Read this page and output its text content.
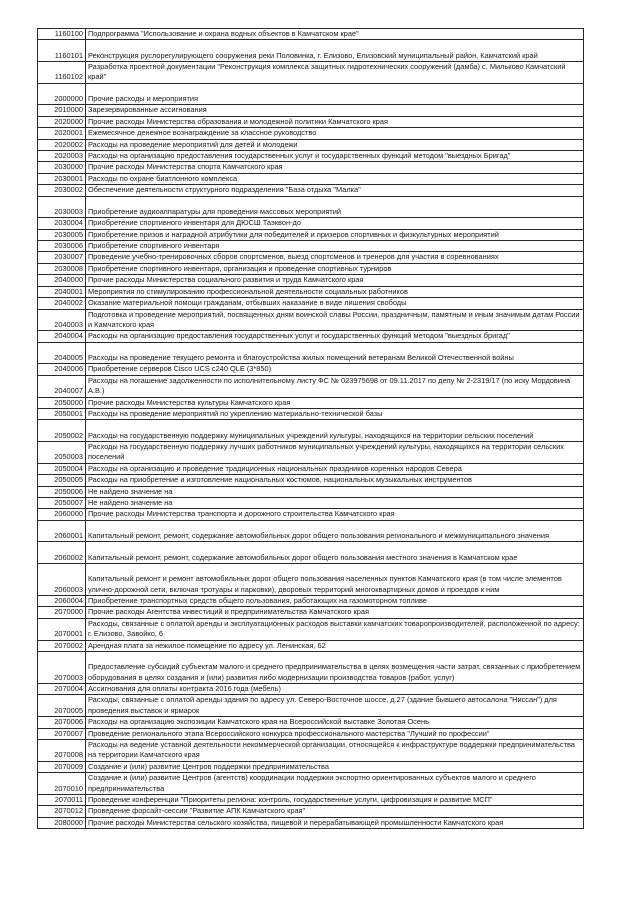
1160100	Подпрограмма "Использование и охрана водных объектов в Камчатском крае"
1160101	Реконструкция руслорегулирующего сооружения реки Половинка, г. Елизово, Елизовский муниципальный район, Камчатский край
1160102	Разработка проектной документации "Реконструкция комплекса защитных гидротехнических сооружений (дамба) с. Мильково Камчатский край"
2000000	Прочие расходы и мероприятия
2010000	Зарезервированные ассигнования
2020000	Прочие расходы Министерства образования и молодежной политики Камчатского края
2020001	Ежемесячное денежное вознаграждение за классное руководство
2020002	Расходы на проведение мероприятий для детей и молодежи
2020003	Расходы на организацию предоставления государственных услуг и государственных функций методом "выездных Бригад"
2030000	Прочие расходы Министерства спорта Камчатского края
2030001	Расходы по охране биатлонного комплекса
2030002	Обеспечение деятельности структурного подразделения "База отдыха "Малка"
2030003	Приобретение аудиоаппаратуры для проведения массовых мероприятий
2030004	Приобретение спортивного инвентаря для ДЮСШ Таэквон-до
2030005	Приобретение призов и наградной атрибутики для победителей и призеров спортивных и физкультурных мероприятий
2030006	Приобретение спортивного инвентаря
2030007	Проведение учебно-тренировочных сборов спортсменов, выезд спортсменов и тренеров для участия в соревнованиях
2030008	Приобретение спортивного инвентаря, организация и проведение спортивных турниров
2040000	Прочие расходы Министерства социального развития и труда Камчатского края
2040001	Мероприятия по стимулированию профессиональной деятельности социальных работников
2040002	Оказание материальной помощи гражданам, отбывших наказание в виде лишения свободы
2040003	Подготовка и проведение мероприятий, посвященных дням воинской славы России, праздничным, памятным и иным значимым датам России и Камчатского края
2040004	Расходы на организацию предоставления государственных услуг и государственных функций методом "выездных бригад"
2040005	Расходы на проведение текущего ремонта и благоустройства жилых помещений ветеранам Великой Отечественной войны
2040006	Приобретение серверов Cisco UCS c240 QLE (3*850)
2040007	Расходы на погашение задолженности по исполнительному листу ФС № 023975698 от 09.11.2017 по делу № 2-2319/17 (по иску Мордовина А.В.)
2050000	Прочие расходы Министерства культуры Камчатского края
2050001	Расходы на проведение мероприятий по укреплению материально-технической базы
2050002	Расходы на государственную поддержку муниципальных учреждений культуры, находящихся на территории сельских поселений
2050003	Расходы на государственную поддержку лучших работников муниципальных учреждений культуры, находящихся на территории сельских поселений
2050004	Расходы на организацию и проведение традиционных национальных праздников коренных народов Севера
2050005	Расходы на приобретение и изготовление национальных костюмов, национальных музыкальных инструментов
2050006	Не найдено значение на
2050007	Не найдено значение на
2060000	Прочие расходы Министерства транспорта и дорожного строительства Камчатского края
2060001	Капитальный ремонт, ремонт, содержание автомобильных дорог общего пользования регионального и межмуниципального значения
2060002	Капитальный ремонт, ремонт, содержание автомобильных дорог общего пользования местного значения в Камчатском крае
2060003	Капитальный ремонт и ремонт автомобильных дорог общего пользования населенных пунктов Камчатского края (в том числе элементов улично-дорожной сети, включая тротуары и парковки), дворовых территорий многоквартирных домов и проездов к ним
2060004	Приобретение транспортных средств общего пользования, работающих на газомоторном топливе
2070000	Прочие расходы Агентства инвестиций и предпринимательства Камчатского края
2070001	Расходы, связанные с оплатой аренды и эксплуатационных расходов выставки камчатских товаропроизводителей, расположенной по адресу: г. Елизово, Завойко, 6
2070002	Арендная плата за нежилое помещение по адресу ул. Ленинская, 62
2070003	Предоставление субсидий субъектам малого и среднего предпринимательства в целях возмещения части затрат, связанных с приобретением оборудования в целях создания и (или) развития либо модернизации производства товаров (работ, услуг)
2070004	Ассигнования для оплаты контракта 2016 года (мебель)
2070005	Расходы, связанные с оплатой аренды здания по адресу ул. Северо-Восточное шоссе, д.27 (здание бывшего автосалона "Ниссан") для проведения выставок и ярмарок
2070006	Расходы на организацию экспозиции Камчатского края на Всероссийской выставке Золотая Осень
2070007	Проведение регионального этапа Всероссийского конкурса профессионального мастерства "Лучший по профессии"
2070008	Расходы на ведение уставной деятельности некоммерческой организации, относящейся к инфраструктуре поддержки предпринимательства на территории Камчатского края
2070009	Создание и (или) развитие Центров поддержки предпринимательства
2070010	Создание и (или) развитие Центров (агентств) координации поддержки экспортно ориентированных субъектов малого и среднего предпринимательства
2070011	Проведение конференции "Приоритеты региона: контроль, государственные услуги, цифровизация и развитие МСП"
2070012	Проведение форсайт-сессии "Развитие АПК Камчатского края"
2080000	Прочие расходы Министерства сельского хозяйства, пищевой и перерабатывающей промышленности Камчатского края
